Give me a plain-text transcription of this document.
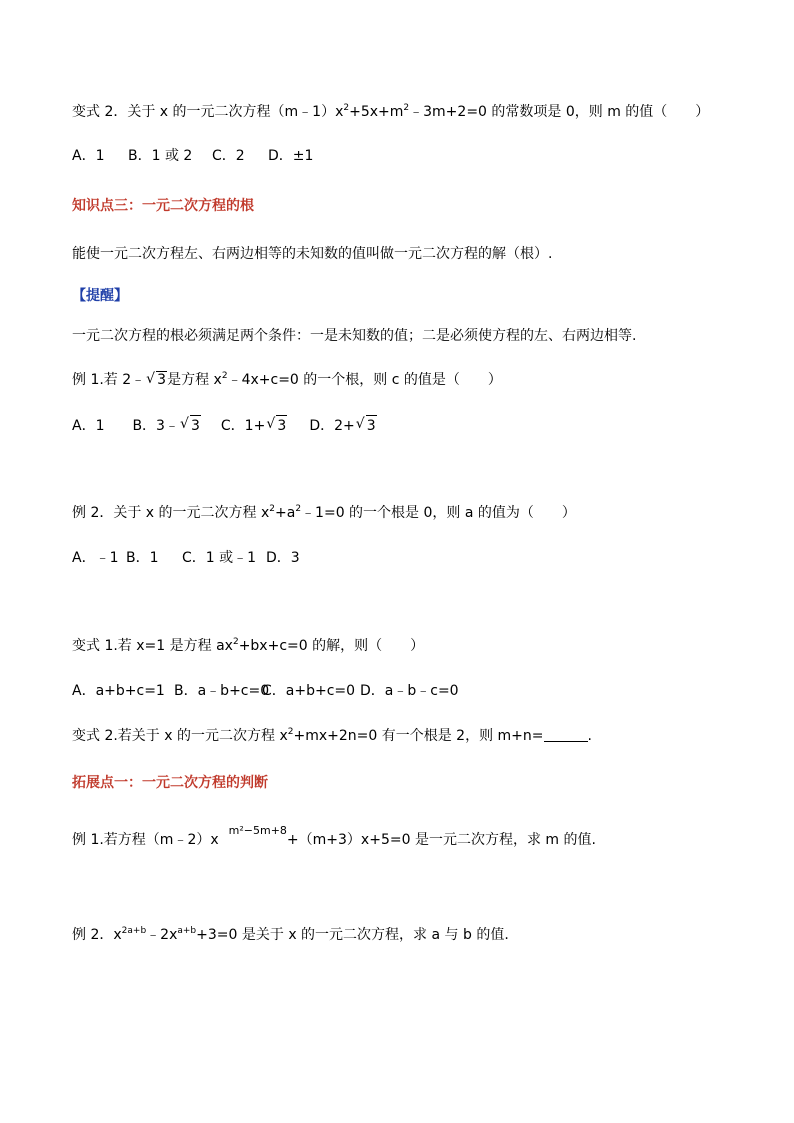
变式 2．关于 x 的一元二次方程$(m﹣1)x^2+5x+m^2﹣3m+2=0$ 的常数项是 0，则 m 的值（　　）
A．1 B．1 或 2 C．2 D．±1
知识点三：一元二次方程的根
能使一元二次方程左、右两边相等的未知数的值叫做一元二次方程的解（根）.
【提醒】
一元二次方程的根必须满足两个条件：一是未知数的值；二是必须使方程的左、右两边相等.
例 1.若 2﹣ √ 3是方程 $x^2﹣4x+c=0$ 的一个根，则 c 的值是（　　）
A．1 B．3﹣ √ 3 C．1+ √ 3 D．2+ √ 3
例 2．关于 x 的一元二次方程 $x^2+a^2﹣1=0$ 的一个根是 0，则 a 的值为（　　）
A．﹣1 B．1 C．1 或﹣1 D．3
变式 1.若 x=1 是方程 $ax^2+bx+c=0$ 的解，则（　　）
A．a+b+c=1 B．a﹣b+c=0C．a+b+c=0 D．a﹣b﹣c=0
变式 2.若关于 x 的一元二次方程 $x^2+mx+2n=0$ 有一个根是 2，则 m+n=	.
拓展点一：一元二次方程的判断
例 1.若方程$(m﹣2)x^{m^2-5m+8}+(m+3)x+5=0$ 是一元二次方程，求 m 的值.
例 2．$x^{2a+b}﹣2x^{a+b}+3=0$ 是关于 x 的一元二次方程，求 a 与 b 的值.
